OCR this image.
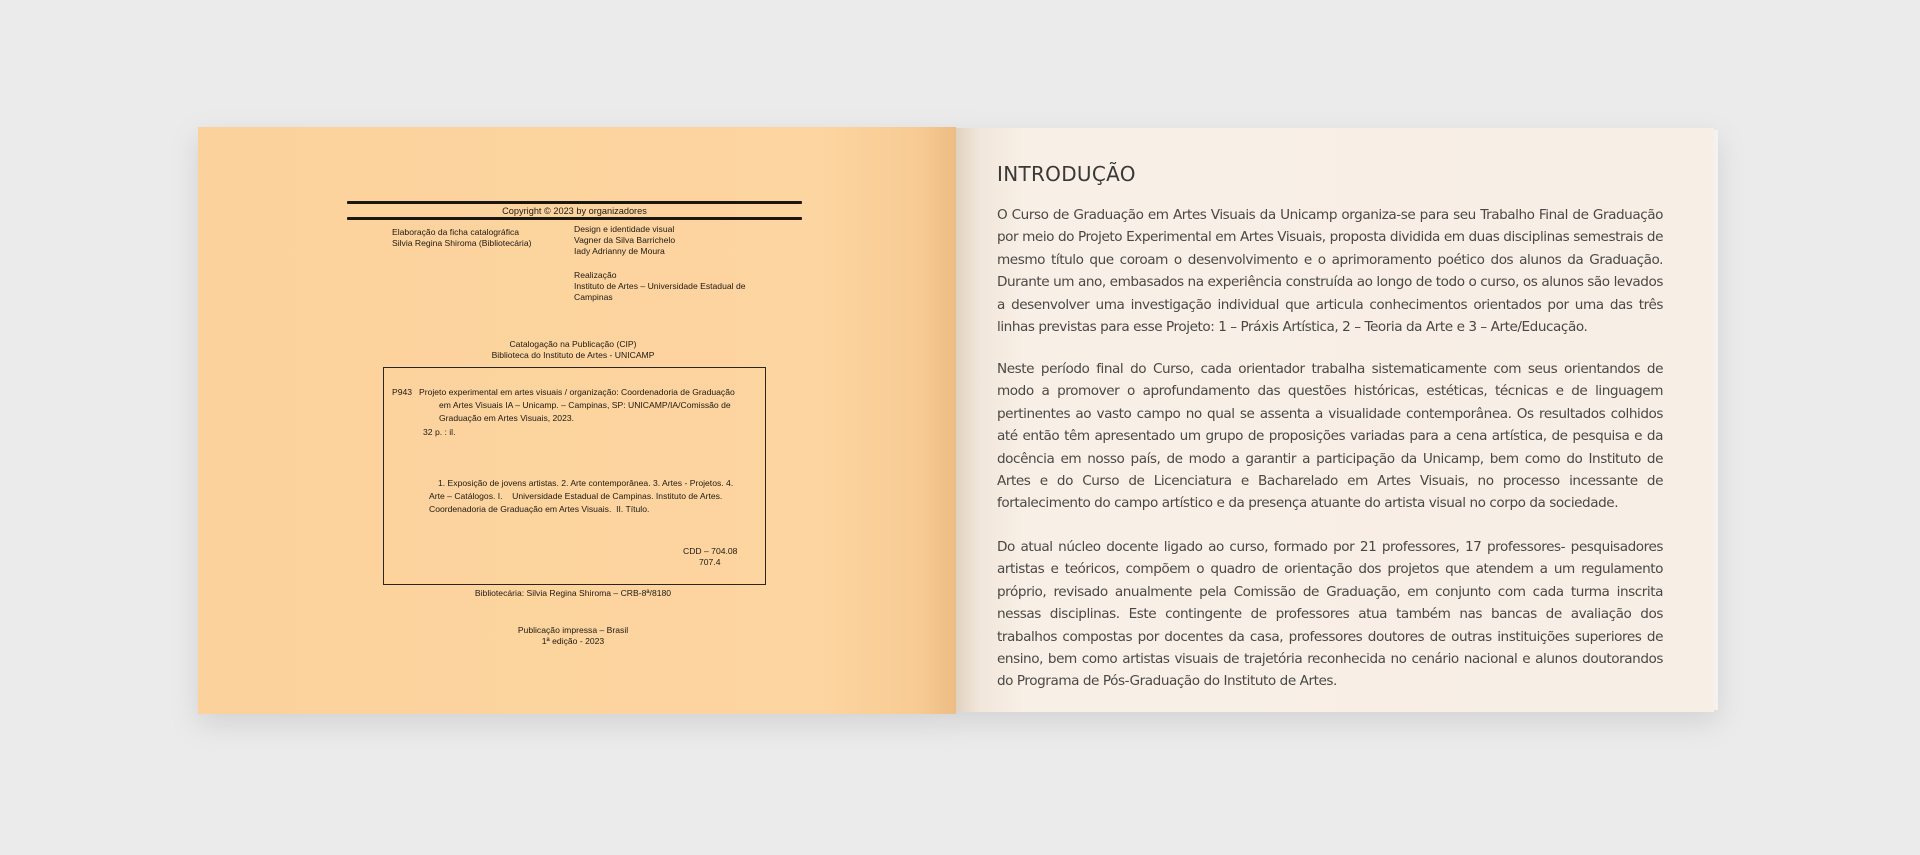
Copyright © 2023 by organizadores
Elaboração da ficha catalográfica
Silvia Regina Shiroma (Bibliotecária)
Design e identidade visual
Vagner da Silva Barrichelo
Iady Adrianny de Moura
Realização
Instituto de Artes – Universidade Estadual de
Campinas
Catalogação na Publicação (CIP)
Biblioteca do Instituto de Artes - UNICAMP
P943 Projeto experimental em artes visuais / organização: Coordenadoria de Graduação
em Artes Visuais IA – Unicamp. – Campinas, SP: UNICAMP/IA/Comissão de
Graduação em Artes Visuais, 2023.
32 p. : il.
1. Exposição de jovens artistas. 2. Arte contemporânea. 3. Artes - Projetos. 4.
Arte – Catálogos. I.    Universidade Estadual de Campinas. Instituto de Artes.
Coordenadoria de Graduação em Artes Visuais.  II. Título.
CDD – 704.08
707.4
Bibliotecária: Silvia Regina Shiroma – CRB-8ª/8180
Publicação impressa – Brasil
1ª edição - 2023
INTRODUÇÃO
O Curso de Graduação em Artes Visuais da Unicamp organiza-se para seu Trabalho Final de Graduação por meio do Projeto Experimental em Artes Visuais, proposta dividida em duas disciplinas semestrais de mesmo título que coroam o desenvolvimento e o aprimoramento poético dos alunos da Graduação. Durante um ano, embasados na experiência construída ao longo de todo o curso, os alunos são levados a desenvolver uma investigação individual que articula conhecimentos orientados por uma das três linhas previstas para esse Projeto: 1 – Práxis Artística, 2 – Teoria da Arte e 3 – Arte/Educação.
Neste período final do Curso, cada orientador trabalha sistematicamente com seus orientandos de modo a promover o aprofundamento das questões históricas, estéticas, técnicas e de linguagem pertinentes ao vasto campo no qual se assenta a visualidade contemporânea. Os resultados colhidos até então têm apresentado um grupo de proposições variadas para a cena artística, de pesquisa e da docência em nosso país, de modo a garantir a participação da Unicamp, bem como do Instituto de Artes e do Curso de Licenciatura e Bacharelado em Artes Visuais, no processo incessante de fortalecimento do campo artístico e da presença atuante do artista visual no corpo da sociedade.
Do atual núcleo docente ligado ao curso, formado por 21 professores, 17 professores- pesquisadores artistas e teóricos, compõem o quadro de orientação dos projetos que atendem a um regulamento próprio, revisado anualmente pela Comissão de Graduação, em conjunto com cada turma inscrita nessas disciplinas. Este contingente de professores atua também nas bancas de avaliação dos trabalhos compostas por docentes da casa, professores doutores de outras instituições superiores de ensino, bem como artistas visuais de trajetória reconhecida no cenário nacional e alunos doutorandos do Programa de Pós-Graduação do Instituto de Artes.
